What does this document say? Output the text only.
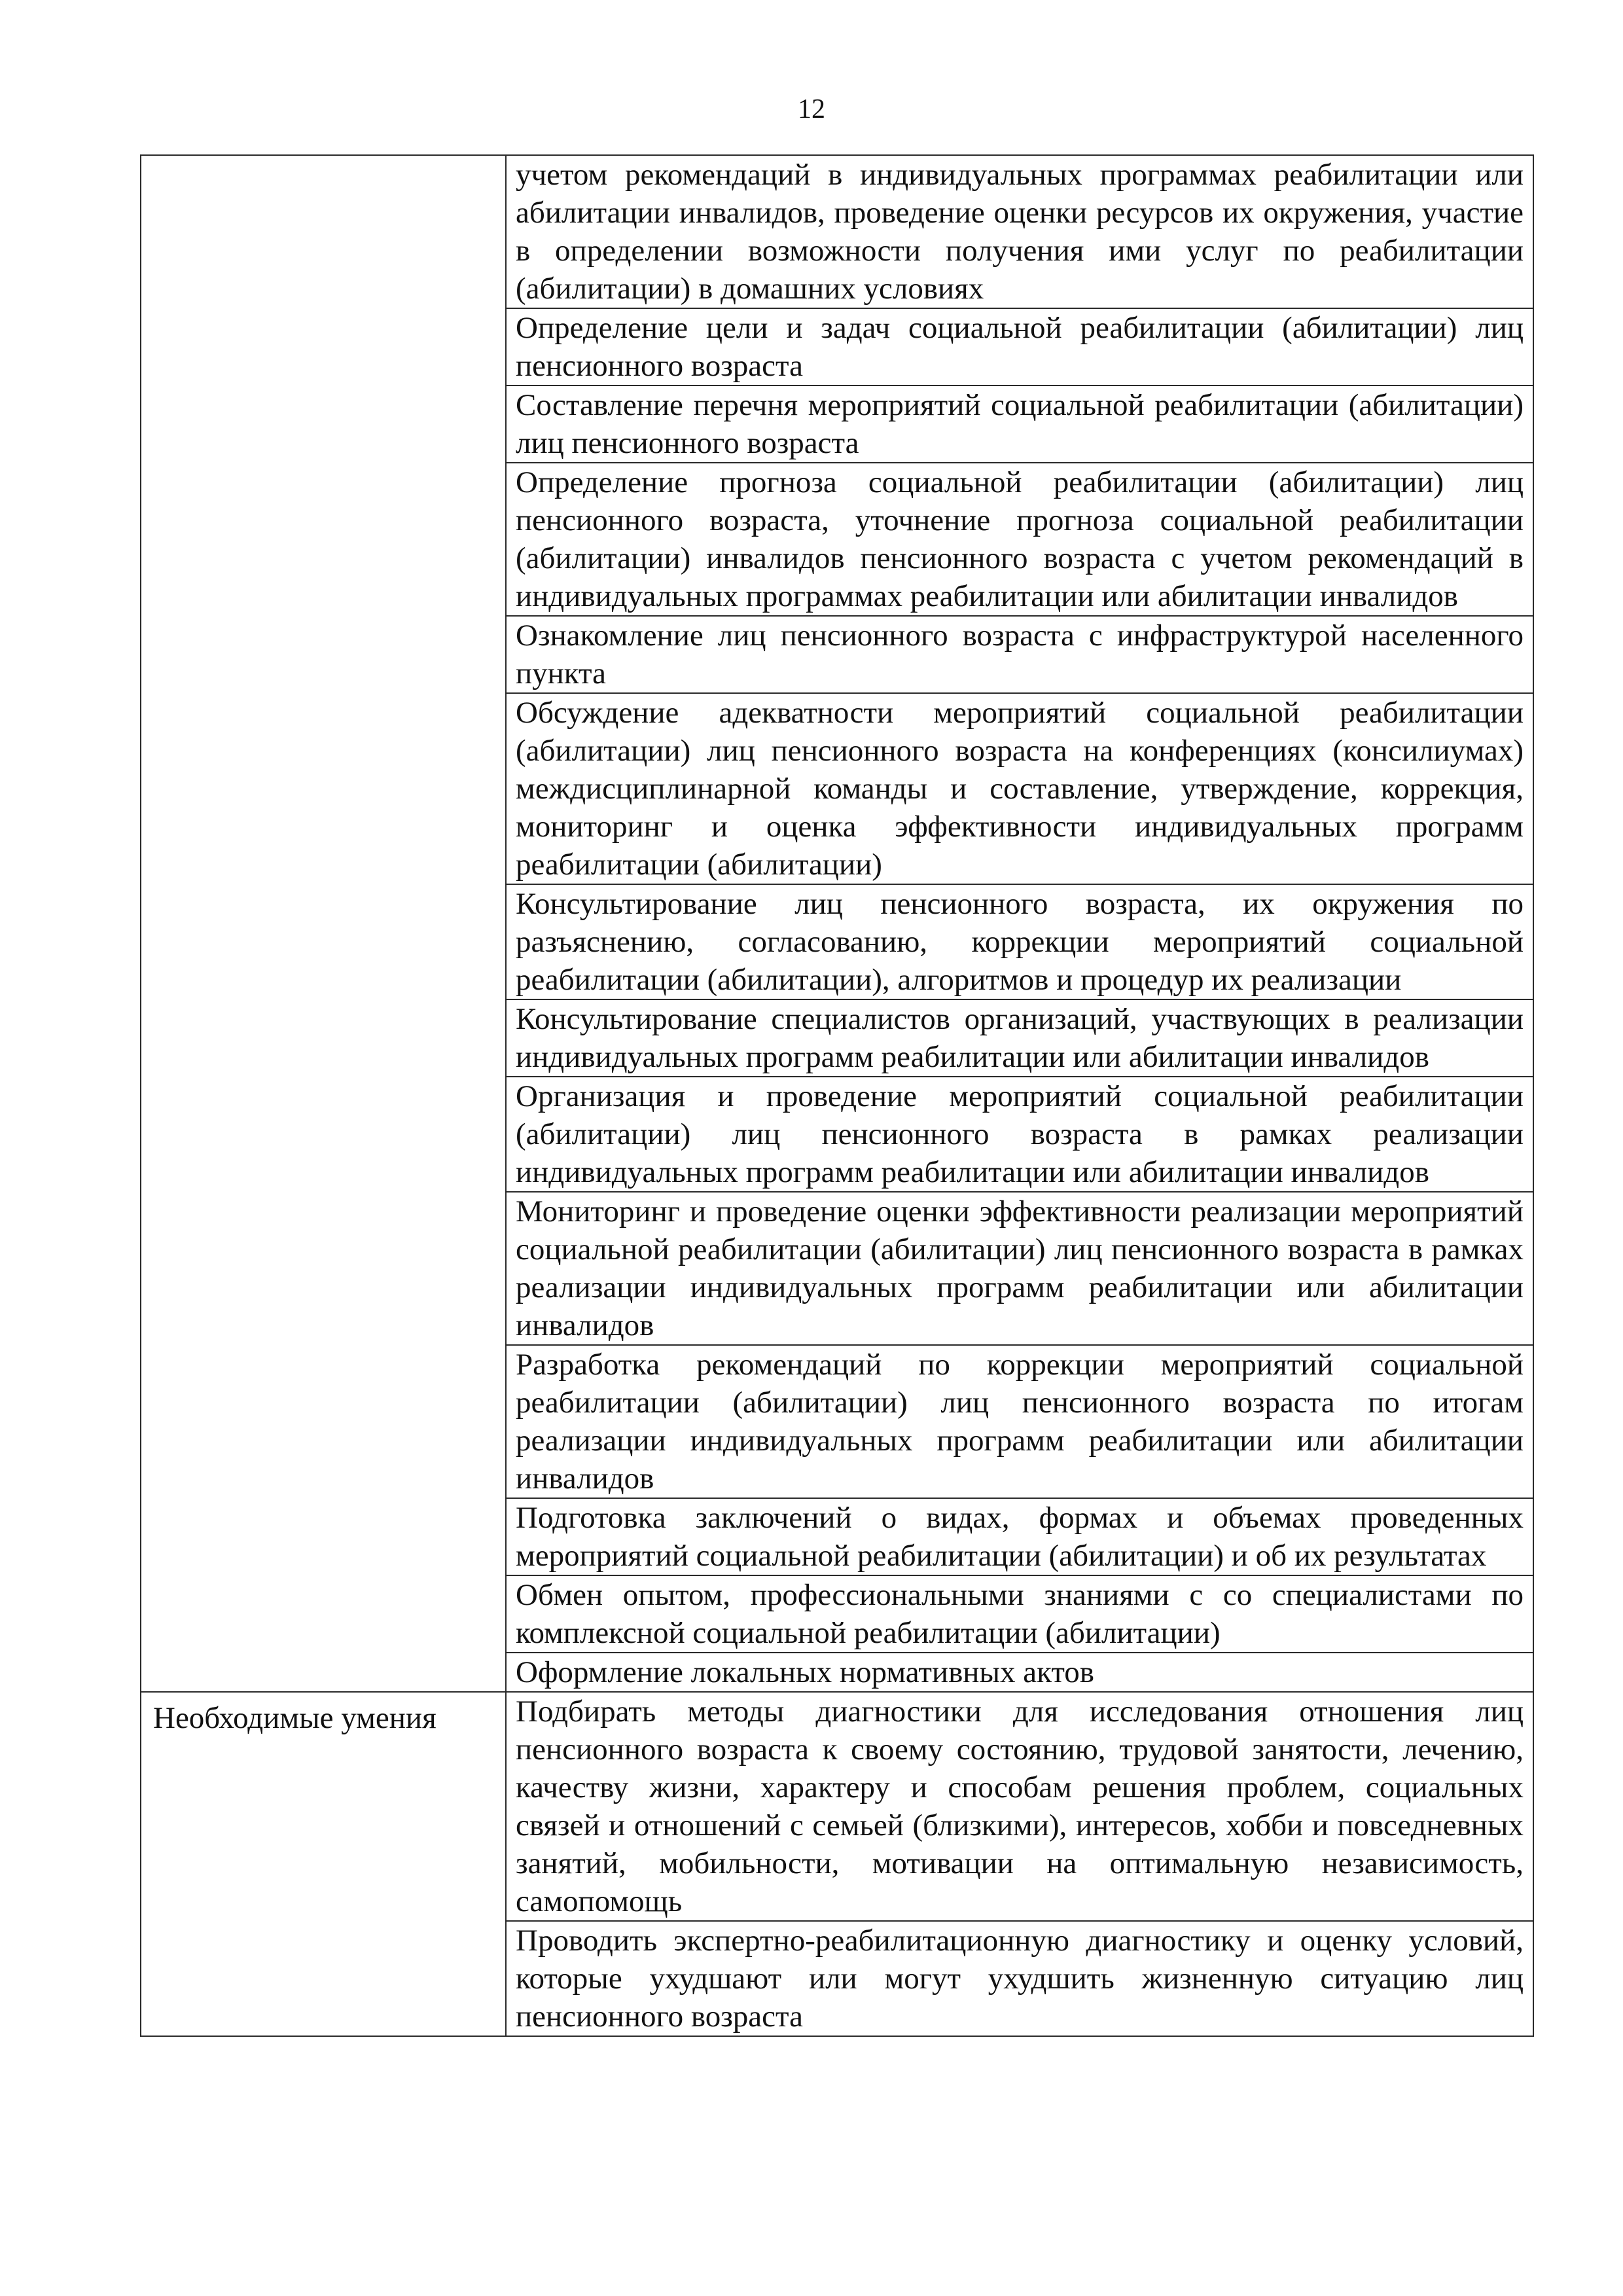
12
	учетом рекомендаций в индивидуальных программах реабилитации или абилитации инвалидов, проведение оценки ресурсов их окружения, участие в определении возможности получения ими услуг по реабилитации (абилитации) в домашних условиях
	Определение цели и задач социальной реабилитации (абилитации) лиц пенсионного возраста
	Составление перечня мероприятий социальной реабилитации (абилитации) лиц пенсионного возраста
	Определение прогноза социальной реабилитации (абилитации) лиц пенсионного возраста, уточнение прогноза социальной реабилитации (абилитации) инвалидов пенсионного возраста с учетом рекомендаций в индивидуальных программах реабилитации или абилитации инвалидов
	Ознакомление лиц пенсионного возраста с инфраструктурой населенного пункта
	Обсуждение адекватности мероприятий социальной реабилитации (абилитации) лиц пенсионного возраста на конференциях (консилиумах) междисциплинарной команды и составление, утверждение, коррекция, мониторинг и оценка эффективности индивидуальных программ реабилитации (абилитации)
	Консультирование лиц пенсионного возраста, их окружения по разъяснению, согласованию, коррекции мероприятий социальной реабилитации (абилитации), алгоритмов и процедур их реализации
	Консультирование специалистов организаций, участвующих в реализации индивидуальных программ реабилитации или абилитации инвалидов
	Организация и проведение мероприятий социальной реабилитации (абилитации) лиц пенсионного возраста в рамках реализации индивидуальных программ реабилитации или абилитации инвалидов
	Мониторинг и проведение оценки эффективности реализации мероприятий социальной реабилитации (абилитации) лиц пенсионного возраста в рамках реализации индивидуальных программ реабилитации или абилитации инвалидов
	Разработка рекомендаций по коррекции мероприятий социальной реабилитации (абилитации) лиц пенсионного возраста по итогам реализации индивидуальных программ реабилитации или абилитации инвалидов
	Подготовка заключений о видах, формах и объемах проведенных мероприятий социальной реабилитации (абилитации) и об их результатах
	Обмен опытом, профессиональными знаниями с со специалистами по комплексной социальной реабилитации (абилитации)
	Оформление локальных нормативных актов
Необходимые умения	Подбирать методы диагностики для исследования отношения лиц пенсионного возраста к своему состоянию, трудовой занятости, лечению, качеству жизни, характеру и способам решения проблем, социальных связей и отношений с семьей (близкими), интересов, хобби и повседневных занятий, мобильности, мотивации на оптимальную независимость, самопомощь
	Проводить экспертно-реабилитационную диагностику и оценку условий, которые ухудшают или могут ухудшить жизненную ситуацию лиц пенсионного возраста
